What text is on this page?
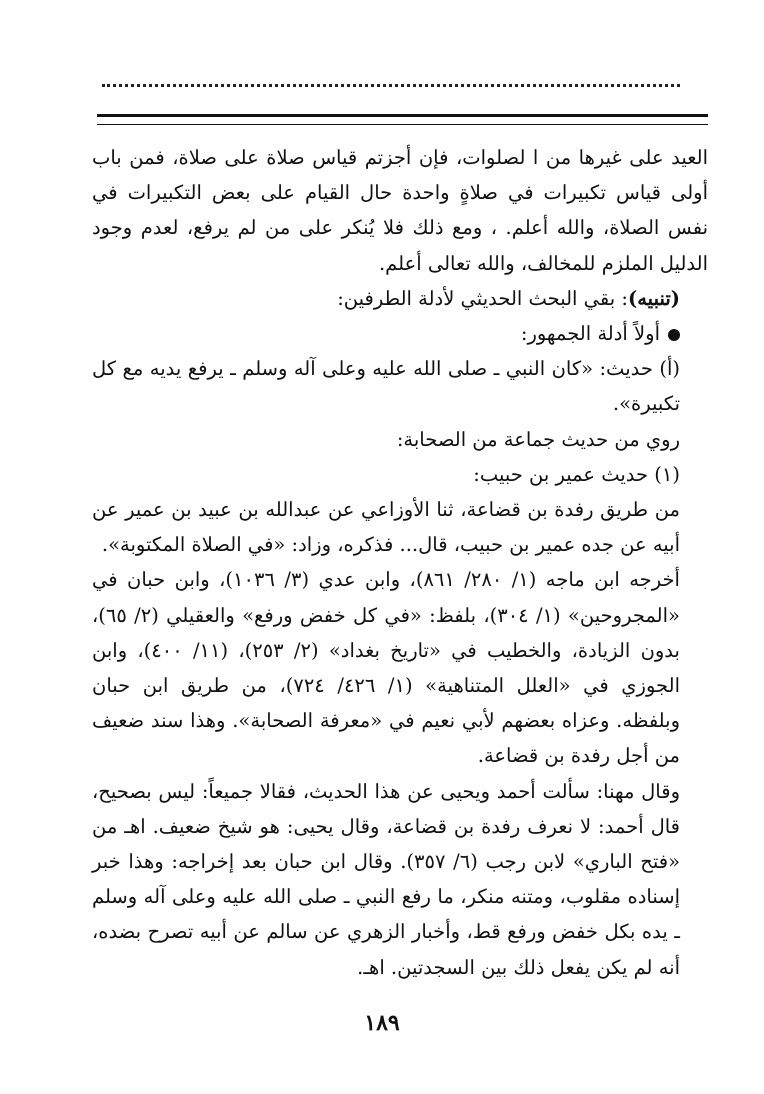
العيد على غيرها من ا لصلوات، فإن أجزتم قياس صلاة على صلاة، فمن باب أولى قياس تكبيرات في صلاةٍ واحدة حال القيام على بعض التكبيرات في نفس الصلاة، والله أعلم. ، ومع ذلك فلا يُنكر على من لم يرفع، لعدم وجود الدليل الملزم للمخالف، والله تعالى أعلم.

(تنبيه): بقي البحث الحديثي لأدلة الطرفين:

أولاً أدلة الجمهور:

(أ) حديث: «كان النبي ـ صلى الله عليه وعلى آله وسلم ـ يرفع يديه مع كل تكبيرة».

روي من حديث جماعة من الصحابة:

(١) حديث عمير بن حبيب:

من طريق رفدة بن قضاعة، ثنا الأوزاعي عن عبدالله بن عبيد بن عمير عن أبيه عن جده عمير بن حبيب، قال... فذكره، وزاد: «في الصلاة المكتوبة».

أخرجه ابن ماجه (١/ ٢٨٠/ ٨٦١)، وابن عدي (٣/ ١٠٣٦)، وابن حبان في «المجروحين» (١/ ٣٠٤)، بلفظ: «في كل خفض ورفع» والعقيلي (٢/ ٦٥)، بدون الزيادة، والخطيب في «تاريخ بغداد» (٢/ ٢٥٣)، (١١/ ٤٠٠)، وابن الجوزي في «العلل المتناهية» (١/ ٤٢٦/ ٧٢٤)، من طريق ابن حبان وبلفظه. وعزاه بعضهم لأبي نعيم في «معرفة الصحابة». وهذا سند ضعيف من أجل رفدة بن قضاعة.

وقال مهنا: سألت أحمد ويحيى عن هذا الحديث، فقالا جميعاً: ليس بصحيح، قال أحمد: لا نعرف رفدة بن قضاعة، وقال يحيى: هو شيخ ضعيف. اهـ من «فتح الباري» لابن رجب (٦/ ٣٥٧). وقال ابن حبان بعد إخراجه: وهذا خبر إسناده مقلوب، ومتنه منكر، ما رفع النبي ـ صلى الله عليه وعلى آله وسلم ـ يده بكل خفض ورفع قط، وأخبار الزهري عن سالم عن أبيه تصرح بضده، أنه لم يكن يفعل ذلك بين السجدتين. اهـ.

١٨٩
